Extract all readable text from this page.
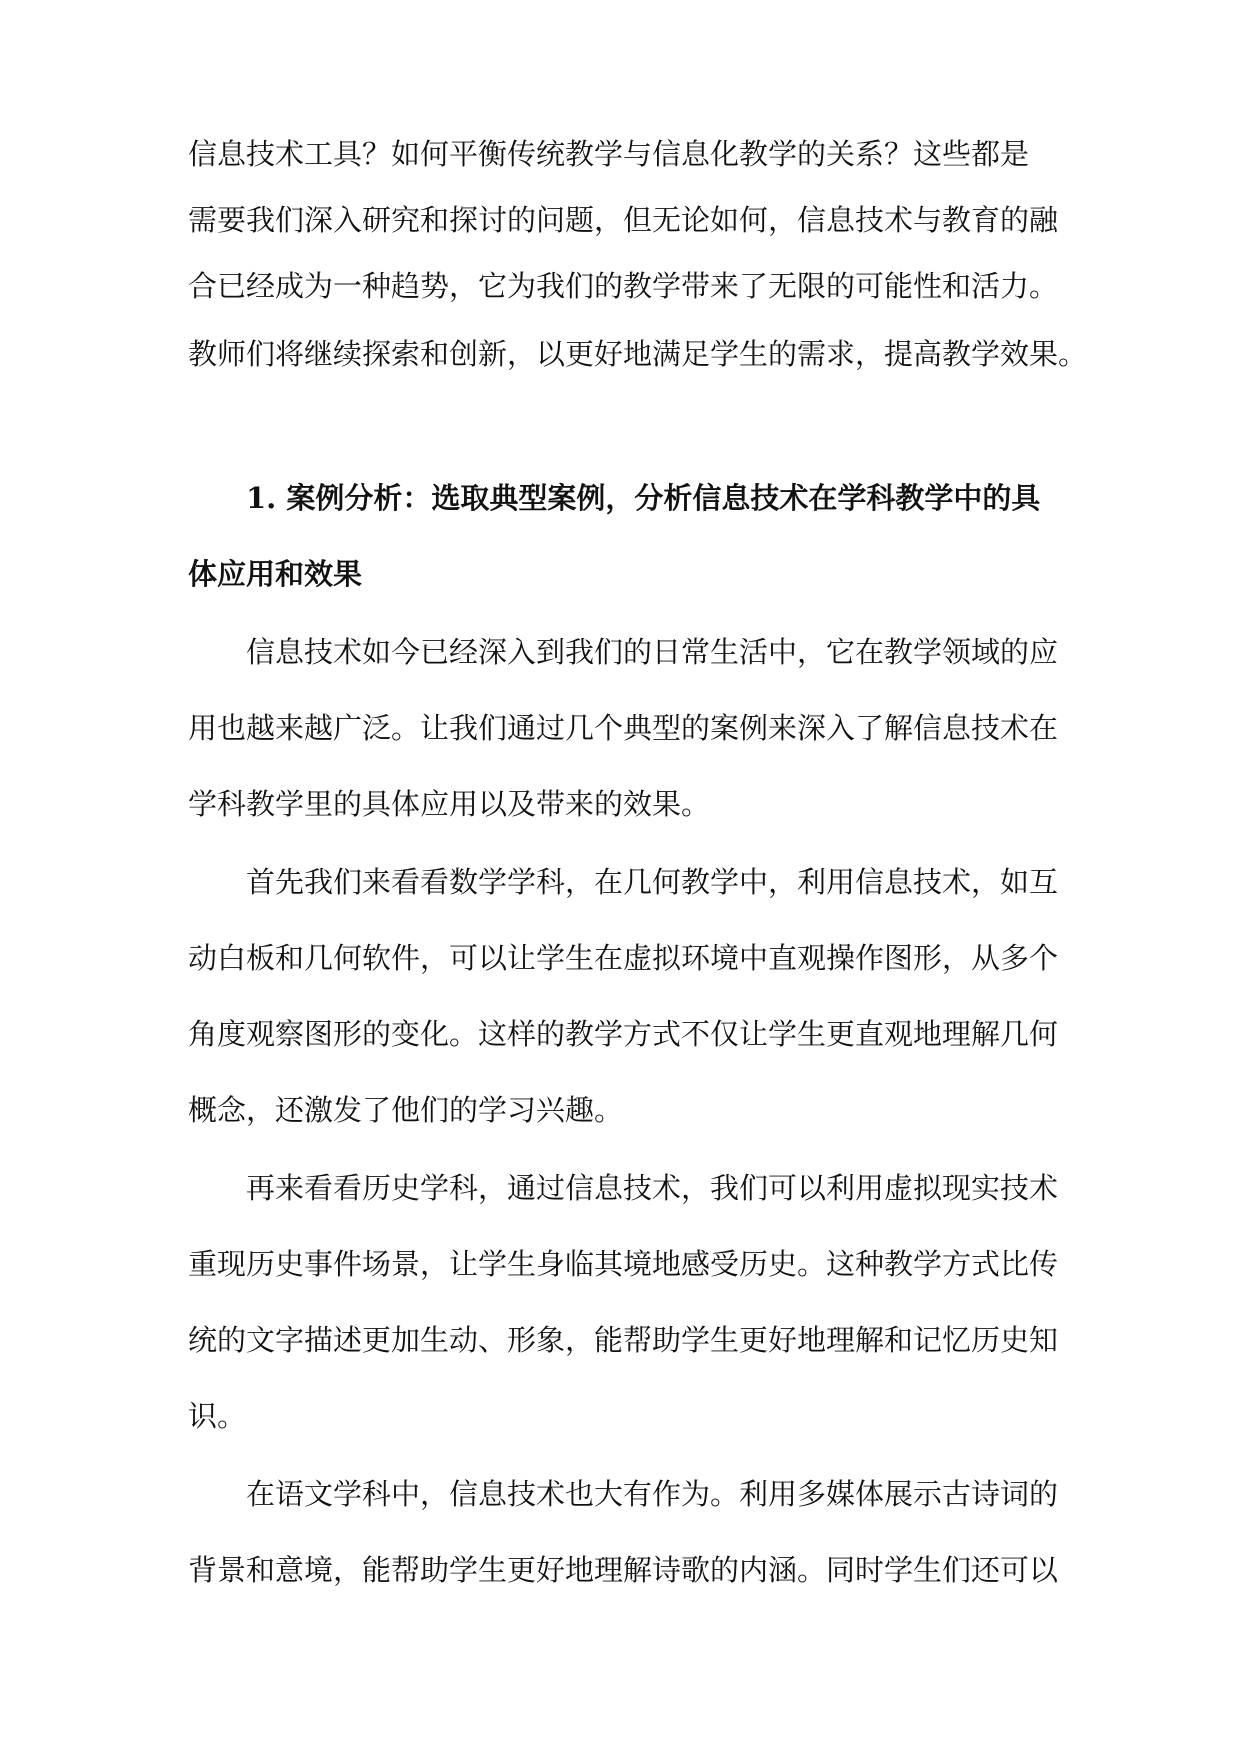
信息技术工具？如何平衡传统教学与信息化教学的关系？这些都是
需要我们深入研究和探讨的问题，但无论如何，信息技术与教育的融
合已经成为一种趋势，它为我们的教学带来了无限的可能性和活力。
教师们将继续探索和创新，以更好地满足学生的需求，提高教学效果。
1. 案例分析：选取典型案例，分析信息技术在学科教学中的具
体应用和效果
信息技术如今已经深入到我们的日常生活中，它在教学领域的应
用也越来越广泛。让我们通过几个典型的案例来深入了解信息技术在
学科教学里的具体应用以及带来的效果。
首先我们来看看数学学科，在几何教学中，利用信息技术，如互
动白板和几何软件，可以让学生在虚拟环境中直观操作图形，从多个
角度观察图形的变化。这样的教学方式不仅让学生更直观地理解几何
概念，还激发了他们的学习兴趣。
再来看看历史学科，通过信息技术，我们可以利用虚拟现实技术
重现历史事件场景，让学生身临其境地感受历史。这种教学方式比传
统的文字描述更加生动、形象，能帮助学生更好地理解和记忆历史知
识。
在语文学科中，信息技术也大有作为。利用多媒体展示古诗词的
背景和意境，能帮助学生更好地理解诗歌的内涵。同时学生们还可以
